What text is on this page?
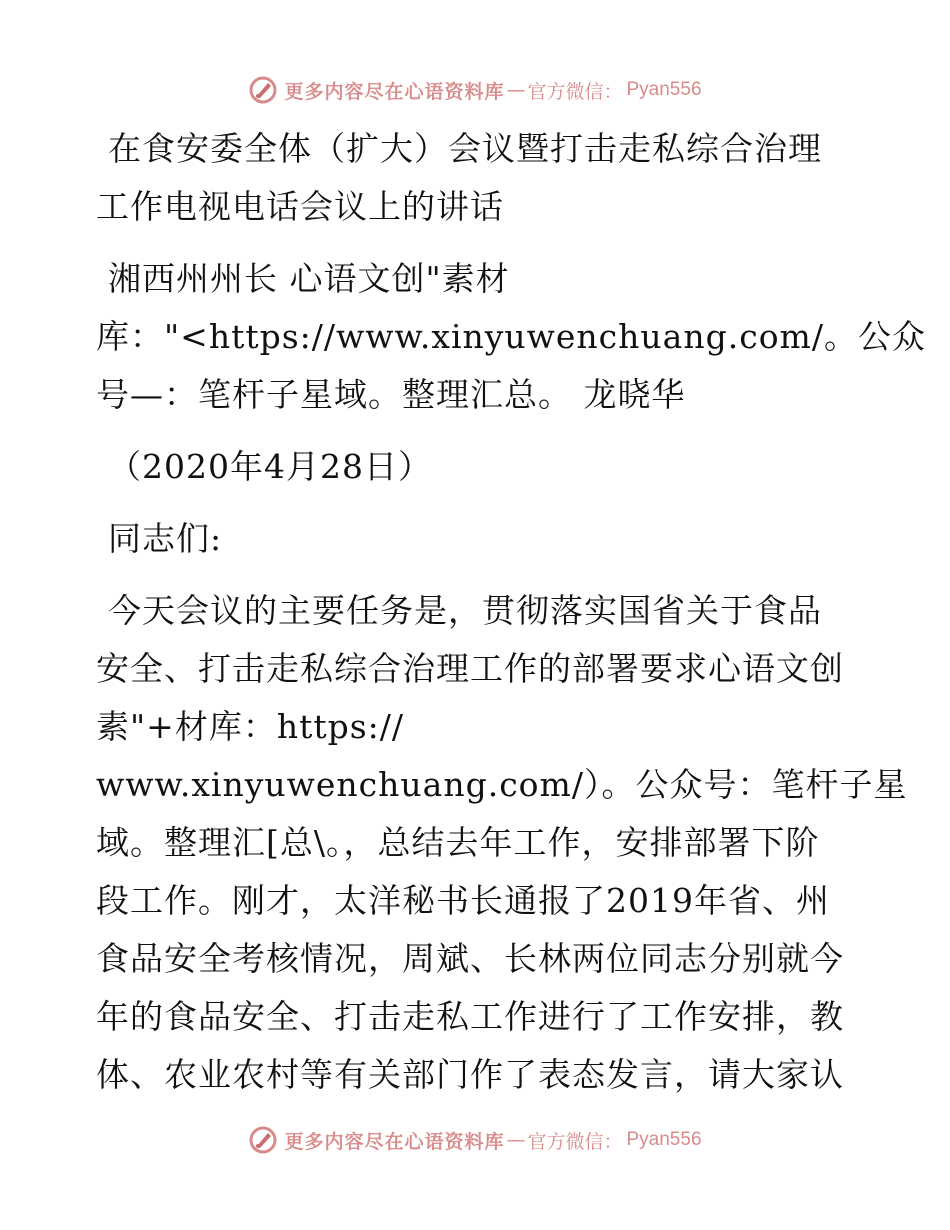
更多内容尽在心语资料库 — 官方微信： Pyan556
在食安委全体（扩大）会议暨打击走私综合治理
工作电视电话会议上的讲话
湘西州州长 心语文创"素材
库："<https://www.xinyuwenchuang.com/。公众
号—：笔杆子星域。整理汇总。 龙晓华
（2020年4月28日）
同志们:
今天会议的主要任务是，贯彻落实国省关于食品
安全、打击走私综合治理工作的部署要求心语文创
素"+材库：https://
www.xinyuwenchuang.com/）。公众号：笔杆子星
域。整理汇[总\。，总结去年工作，安排部署下阶
段工作。刚才，太洋秘书长通报了2019年省、州
食品安全考核情况，周斌、长林两位同志分别就今
年的食品安全、打击走私工作进行了工作安排，教
体、农业农村等有关部门作了表态发言，请大家认
更多内容尽在心语资料库 — 官方微信： Pyan556
